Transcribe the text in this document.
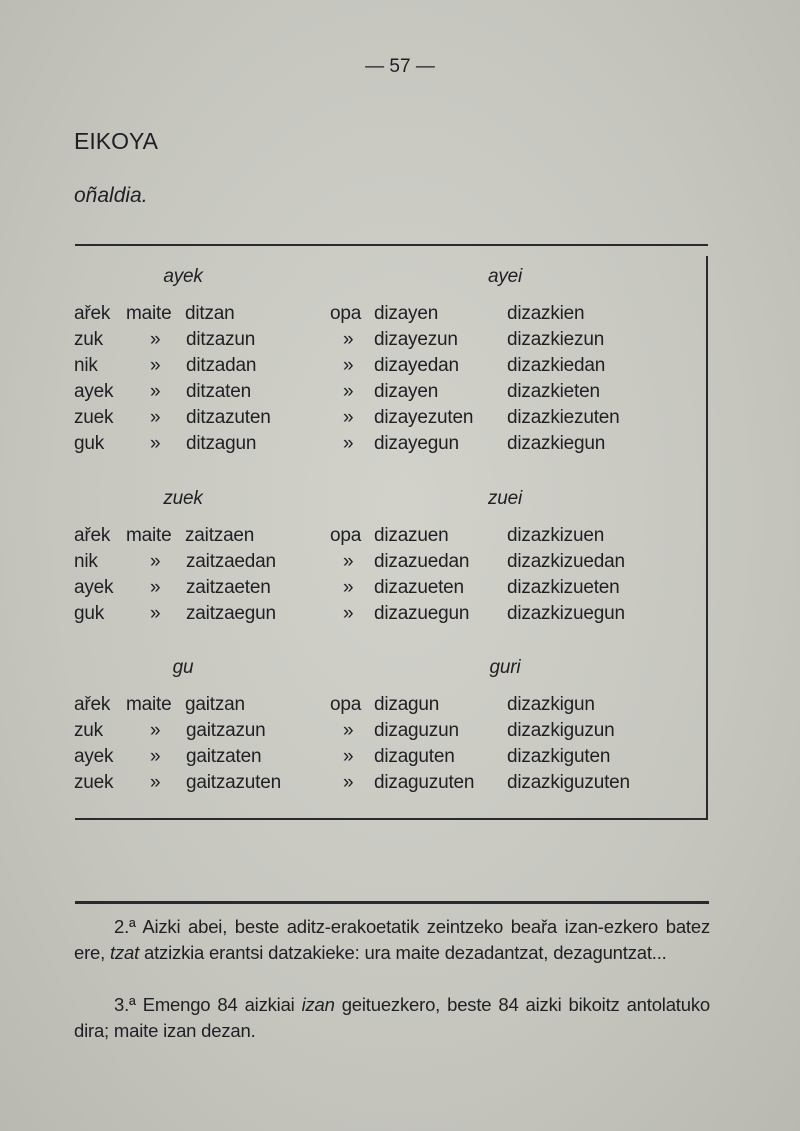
— 57 —
EIKOYA
oñaldia.
ayek	ayei
ařek maite ditzan	opa dizayen	dizazkien
zuk » ditzazun	» dizayezun	dizazkiezun
nik	» ditzadan	» dizayedan	dizazkiedan
ayek » ditzaten	» dizayen	dizazkieten
zuek » ditzazuten	» dizayezuten dizazkiezuten
guk » ditzagun	» dizayegun	dizazkiegun
zuek	zuei
ařek maite zaitzaen	opa dizazuen	dizazkizuen
nik	» zaitzaedan	» dizazuedan dizazkizuedan
ayek » zaitzaeten	» dizazueten dizazkizueten
guk » zaitzaegun	» dizazuegun dizazkizuegun
gu	guri
ařek maite gaitzan	opa dizagun	dizazkigun
zuk » gaitzazun	» dizaguzun	dizazkiguzun
ayek » gaitzaten	» dizaguten	dizazkiguten
zuek » gaitzazuten	» dizaguzuten dizazkiguzuten
2.ª Aizki abei, beste aditz-erakoetatik zeintzeko beařa izan-ezkero batez ere, tzat atzizkia erantsi datzakieke: ura maite dezadantzat, dezaguntzat...
3.ª Emengo 84 aizkiai izan geituezkero, beste 84 aizki bikoitz antolatuko dira; maite izan dezan.
